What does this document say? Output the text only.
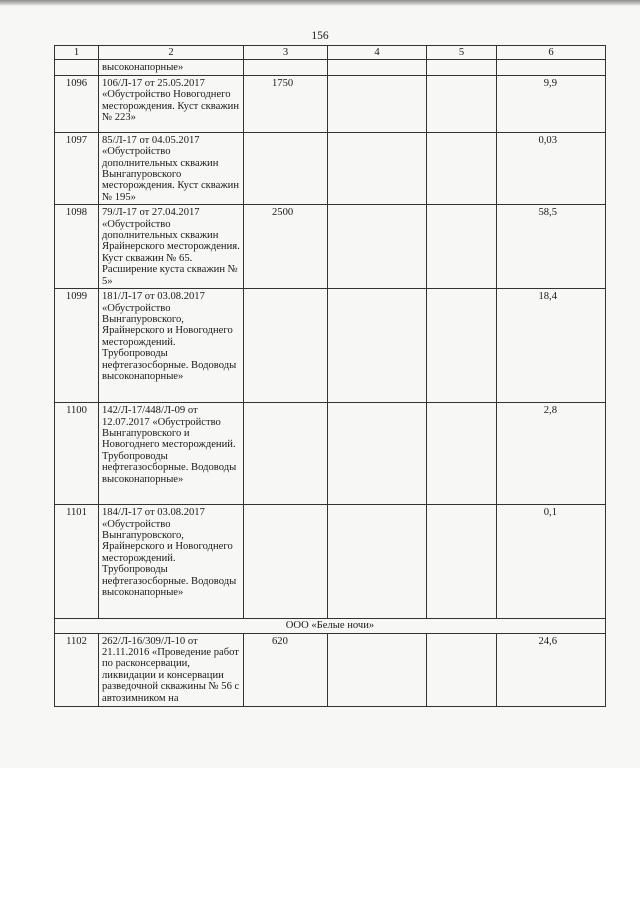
156
1	2	3	4	5	6
	высоконапорные»				
1096	106/Л-17 от 25.05.2017 «Обустройство Новогоднего месторождения. Куст скважин № 223»	1750			9,9
1097	85/Л-17 от 04.05.2017 «Обустройство дополнительных скважин Вынгапуровского месторождения. Куст скважин № 195»				0,03
1098	79/Л-17 от 27.04.2017 «Обустройство дополнительных скважин Ярайнерского месторождения. Куст скважин № 65. Расширение куста скважин № 5»	2500			58,5
1099	181/Л-17 от 03.08.2017 «Обустройство Вынгапуровского, Ярайнерского и Новогоднего месторождений. Трубопроводы нефтегазосборные. Водоводы высоконапорные»				18,4
1100	142/Л-17/448/Л-09 от 12.07.2017 «Обустройство Вынгапуровского и Новогоднего месторождений. Трубопроводы нефтегазосборные. Водоводы высоконапорные»				2,8
1101	184/Л-17 от 03.08.2017 «Обустройство Вынгапуровского, Ярайнерского и Новогоднего месторождений. Трубопроводы нефтегазосборные. Водоводы высоконапорные»				0,1
ООО «Белые ночи»					
1102	262/Л-16/309/Л-10 от 21.11.2016 «Проведение работ по расконсервации, ликвидации и консервации разведочной скважины № 56 с автозимником на	620			24,6
